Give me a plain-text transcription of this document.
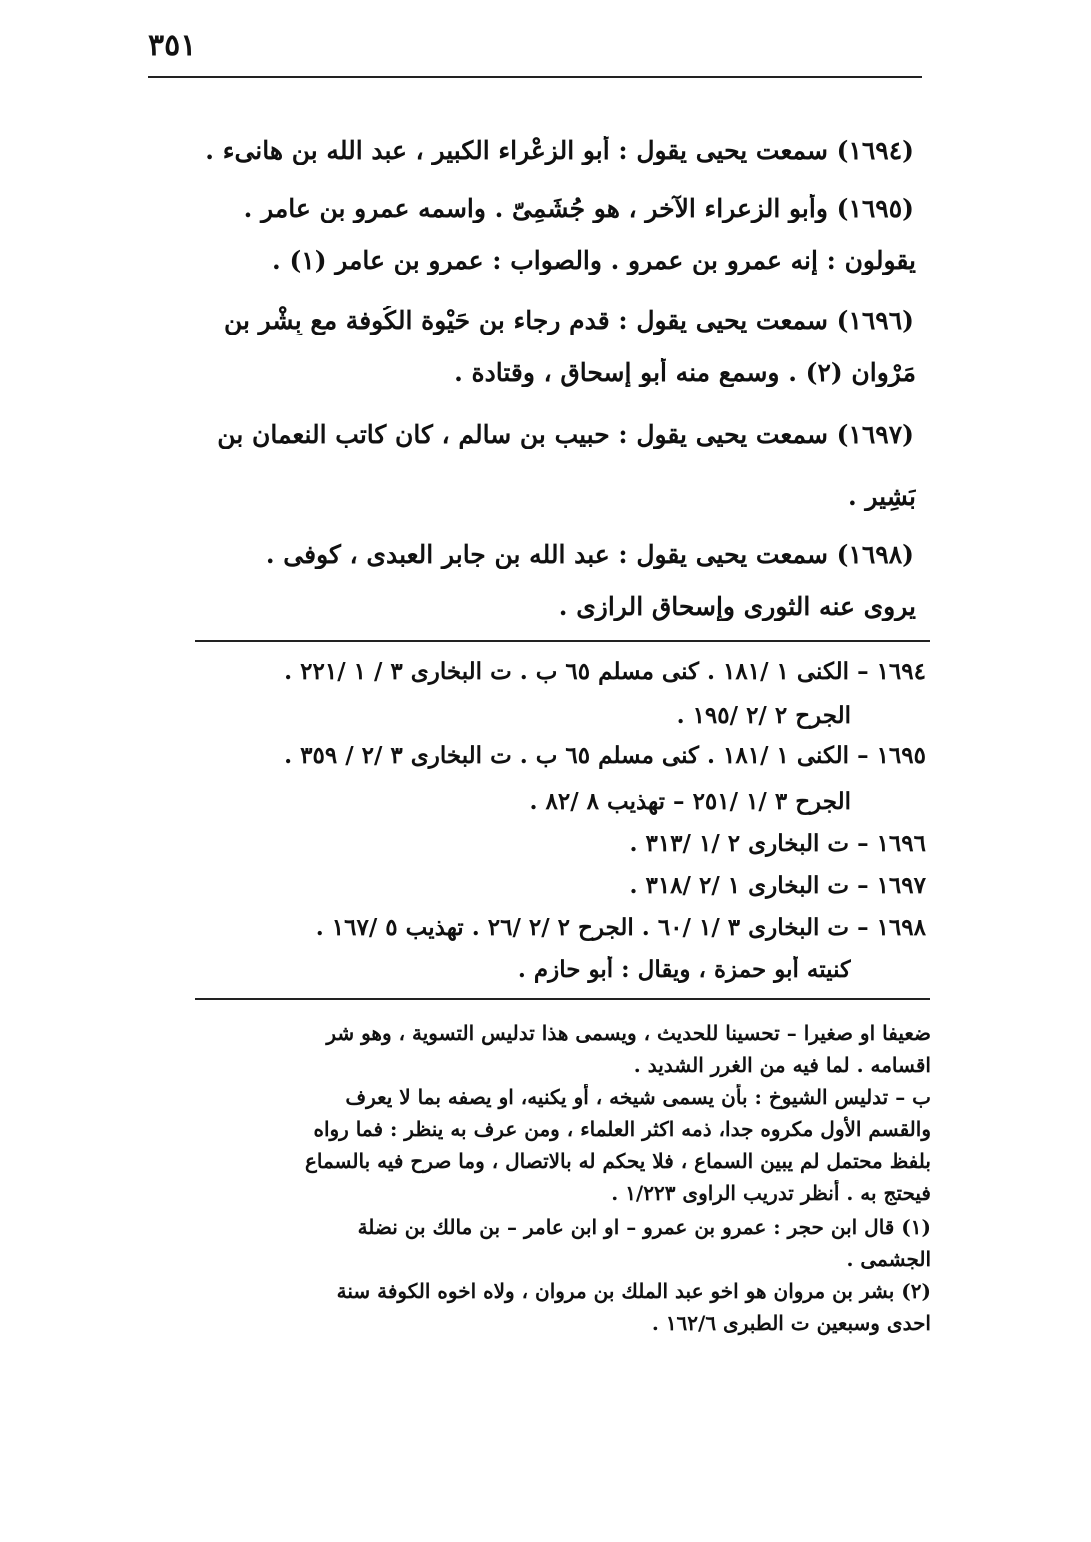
٣٥١
(١٦٩٤) سمعت يحيى يقول : أبو الزعْراء الكبير ، عبد الله بن هانىء .
(١٦٩٥) وأبو الزعراء الآخر ، هو جُشَمِىّ . واسمه عمرو بن عامر .
يقولون : إنه عمرو بن عمرو . والصواب : عمرو بن عامر (١) .
(١٦٩٦) سمعت يحيى يقول : قدم رجاء بن حَيْوة الكُوفة مع بِشْر بن
مَرْوان (٢) . وسمع منه أبو إسحاق ، وقتادة .
(١٦٩٧) سمعت يحيى يقول : حبيب بن سالم ، كان كاتب النعمان بن
بَشِير .
(١٦٩٨) سمعت يحيى يقول : عبد الله بن جابر العبدى ، كوفى .
يروى عنه الثورى وإسحاق الرازى .
١٦٩٤ – الكنى ١ /١٨١ . كنى مسلم ٦٥ ب . ت البخارى ٣ / ١ /٢٢١ .
الجرح ٢ /٢ /١٩٥ .
١٦٩٥ – الكنى ١ /١٨١ . كنى مسلم ٦٥ ب . ت البخارى ٣ /٢ / ٣٥٩ .
الجرح ٣ /١ /٢٥١ – تهذيب ٨ /٨٢ .
١٦٩٦ – ت البخارى ٢ /١ /٣١٣ .
١٦٩٧ – ت البخارى ١ /٢ /٣١٨ .
١٦٩٨ – ت البخارى ٣ /١ /٦٠ . الجرح ٢ /٢ /٢٦ . تهذيب ٥ /١٦٧ .
كنيته أبو حمزة ، ويقال : أبو حازم .
ضعيفا او صغيرا – تحسينا للحديث ، ويسمى هذا تدليس التسوية ، وهو شر
اقسامه . لما فيه من الغرر الشديد .
ب – تدليس الشيوخ : بأن يسمى شيخه ، أو يكنيه، او يصفه بما لا يعرف
والقسم الأول مكروه جدا، ذمه اكثر العلماء ، ومن عرف به ينظر : فما رواه
بلفظ محتمل لم يبين السماع ، فلا يحكم له بالاتصال ، وما صرح فيه بالسماع
فيحتج به . أنظر تدريب الراوى ١/٢٢٣ .
(١) قال ابن حجر : عمرو بن عمرو – او ابن عامر – بن مالك بن نضلة
الجشمى .
(٢) بشر بن مروان هو اخو عبد الملك بن مروان ، ولاه اخوه الكوفة سنة
احدى وسبعين ت الطبرى ١٦٢/٦ .
